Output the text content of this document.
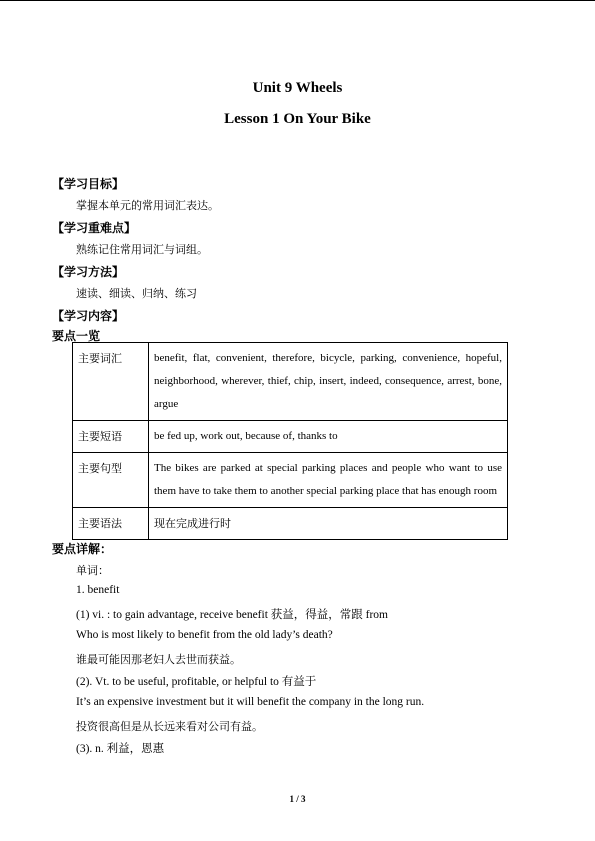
Unit 9 Wheels
Lesson 1 On Your Bike
【学习目标】
掌握本单元的常用词汇表达。
【学习重难点】
熟练记住常用词汇与词组。
【学习方法】
速读、细读、归纳、练习
【学习内容】
要点一览
主要词汇	benefit, flat, convenient, therefore, bicycle, parking, convenience, hopeful, neighborhood, wherever, thief, chip, insert, indeed, consequence, arrest, bone, argue
主要短语	be fed up, work out, because of, thanks to
主要句型	The bikes are parked at special parking places and people who want to use them have to take them to another special parking place that has enough room
主要语法	现在完成进行时
要点详解：
单词：
1. benefit
(1) vi. : to gain advantage, receive benefit 获益，得益，常跟 from
Who is most likely to benefit from the old lady’s death?
谁最可能因那老妇人去世而获益。
(2). Vt. to be useful, profitable, or helpful to 有益于
It’s an expensive investment but it will benefit the company in the long run.
投资很高但是从长远来看对公司有益。
(3). n. 利益，恩惠
1 / 3
